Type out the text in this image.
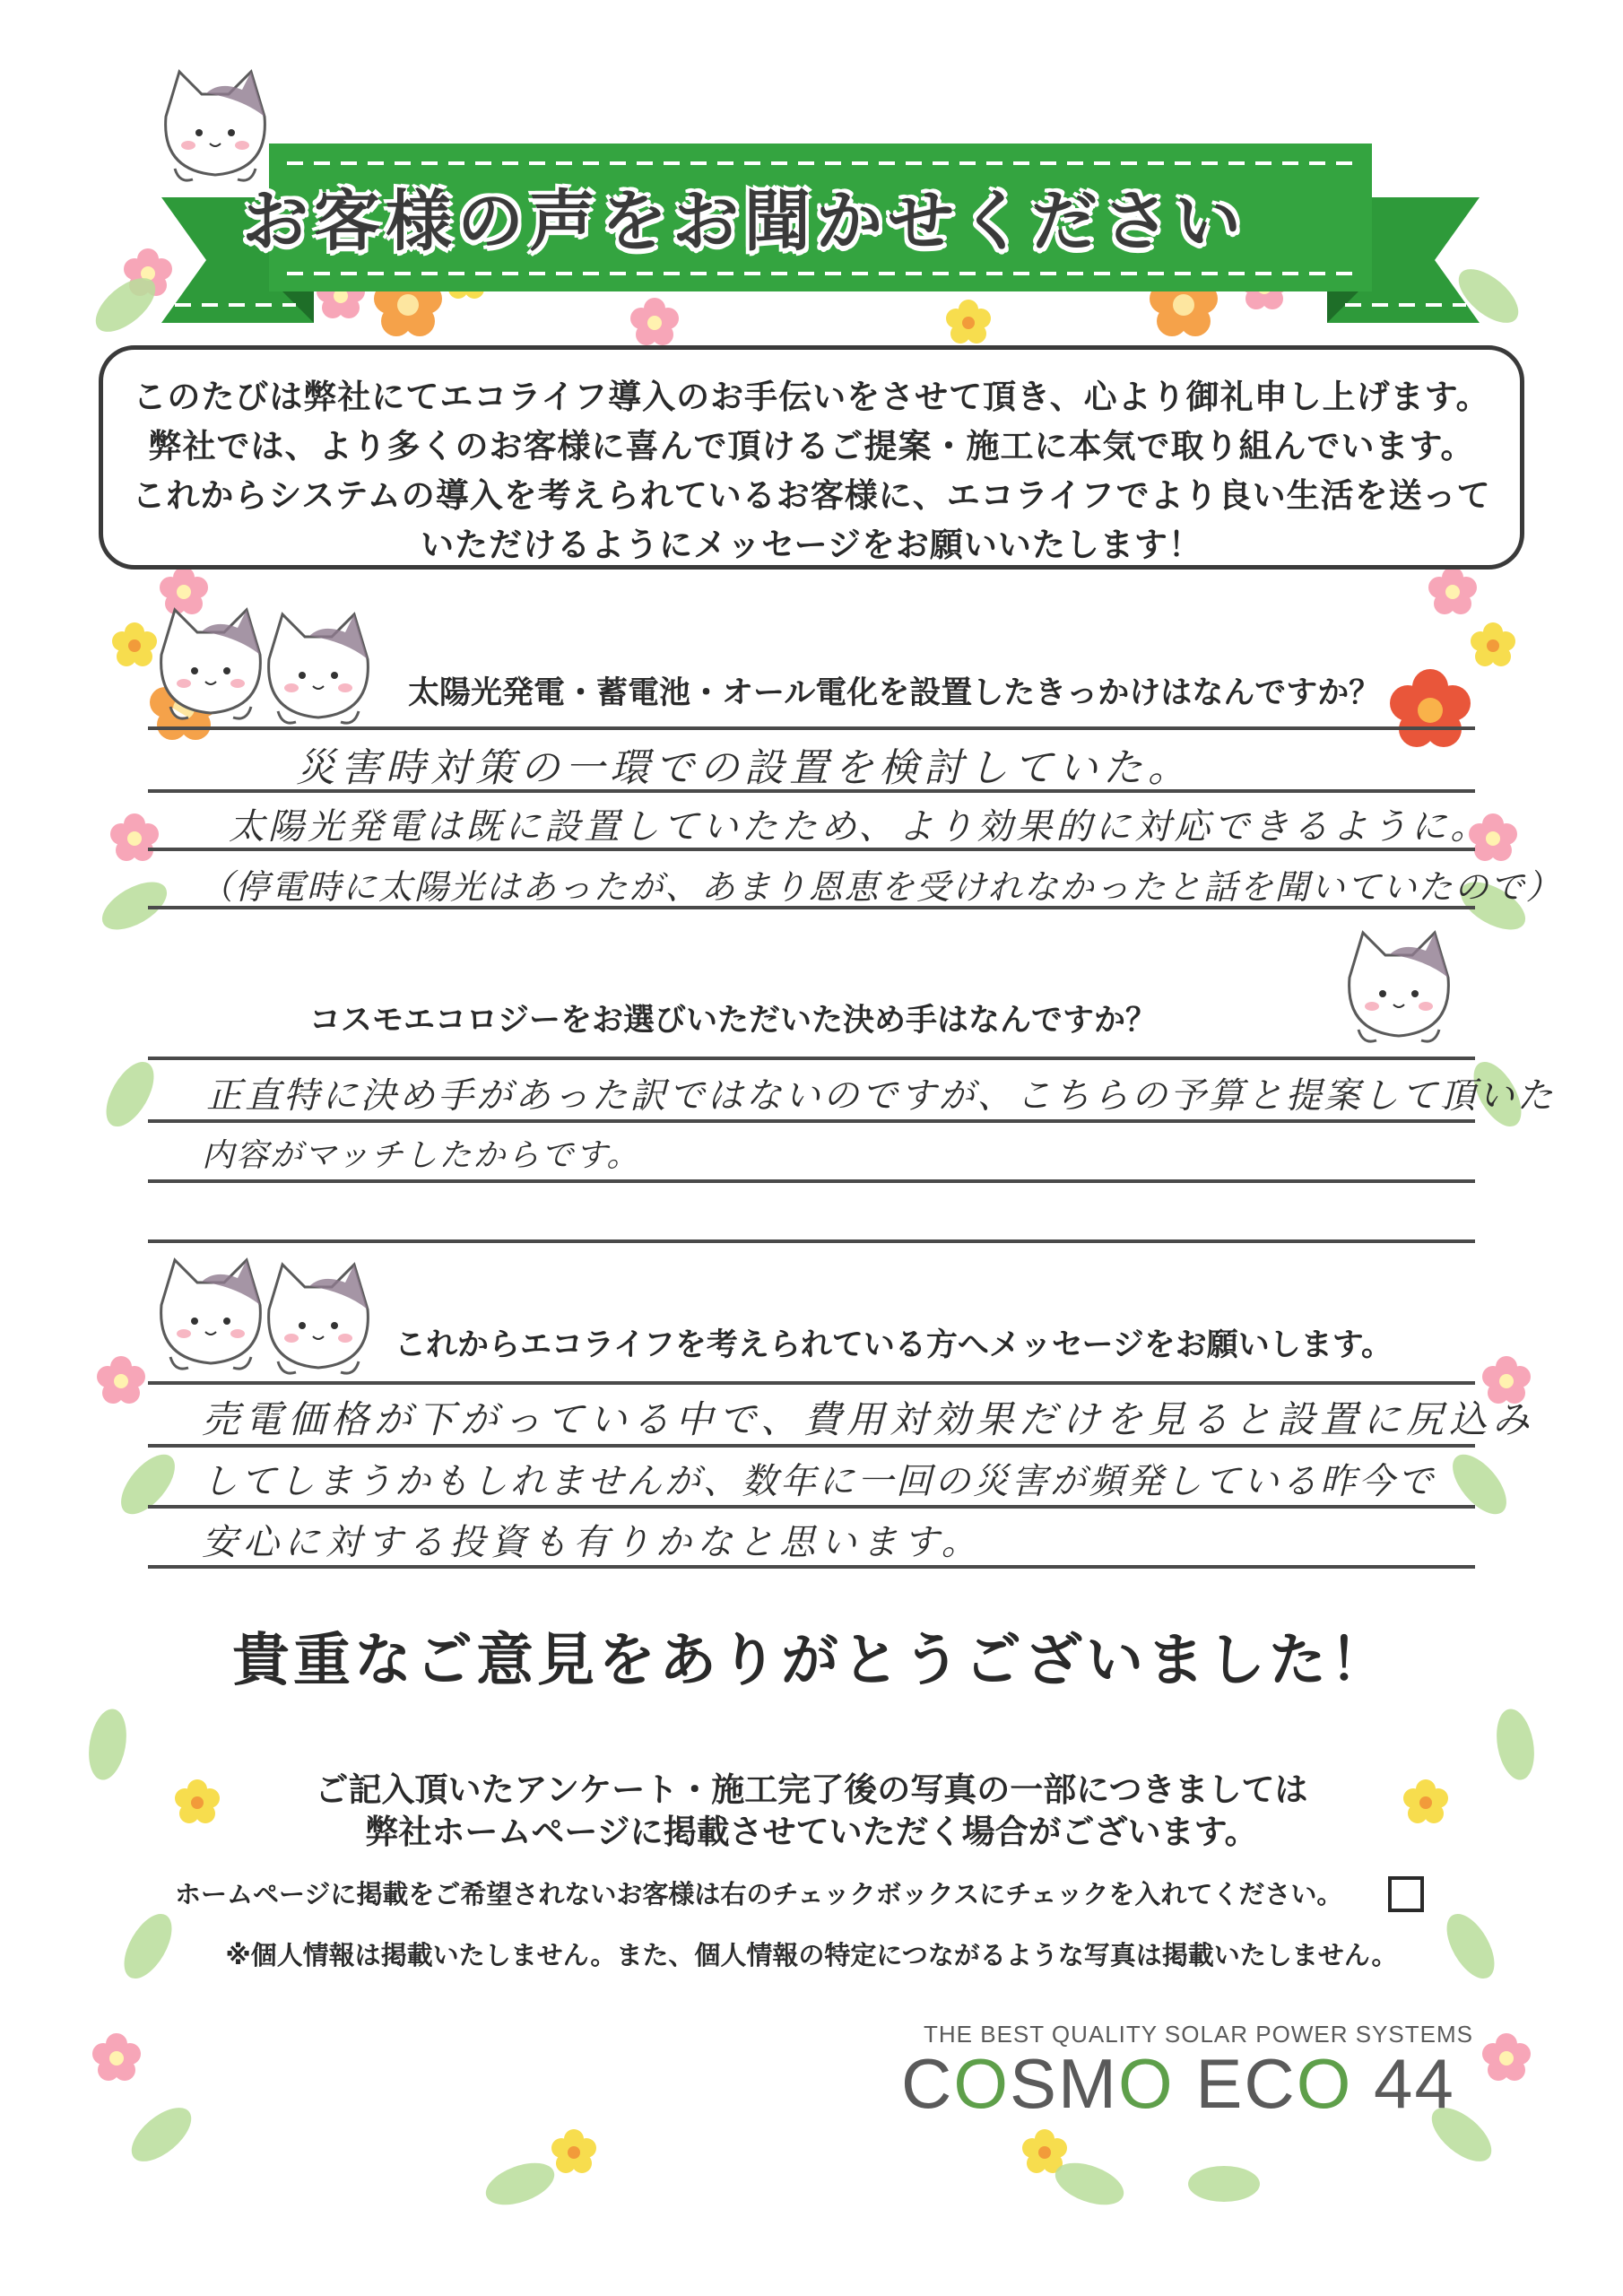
お客様の声をお聞かせください
このたびは弊社にてエコライフ導入のお手伝いをさせて頂き、心より御礼申し上げます。
弊社では、より多くのお客様に喜んで頂けるご提案・施工に本気で取り組んでいます。
これからシステムの導入を考えられているお客様に、エコライフでより良い生活を送って
いただけるようにメッセージをお願いいたします！
太陽光発電・蓄電池・オール電化を設置したきっかけはなんですか？
災害時対策の一環での設置を検討していた。
太陽光発電は既に設置していたため、より効果的に対応できるように。
（停電時に太陽光はあったが、あまり恩恵を受けれなかったと話を聞いていたので）
コスモエコロジーをお選びいただいた決め手はなんですか？
正直特に決め手があった訳ではないのですが、こちらの予算と提案して頂いた
内容がマッチしたからです。
これからエコライフを考えられている方へメッセージをお願いします。
売電価格が下がっている中で、費用対効果だけを見ると設置に尻込み
してしまうかもしれませんが、数年に一回の災害が頻発している昨今で
安心に対する投資も有りかなと思います。
貴重なご意見をありがとうございました！
ご記入頂いたアンケート・施工完了後の写真の一部につきましては
弊社ホームページに掲載させていただく場合がございます。
ホームページに掲載をご希望されないお客様は右のチェックボックスにチェックを入れてください。
※個人情報は掲載いたしません。また、個人情報の特定につながるような写真は掲載いたしません。
THE BEST QUALITY SOLAR POWER SYSTEMS
COSMO ECO 44
